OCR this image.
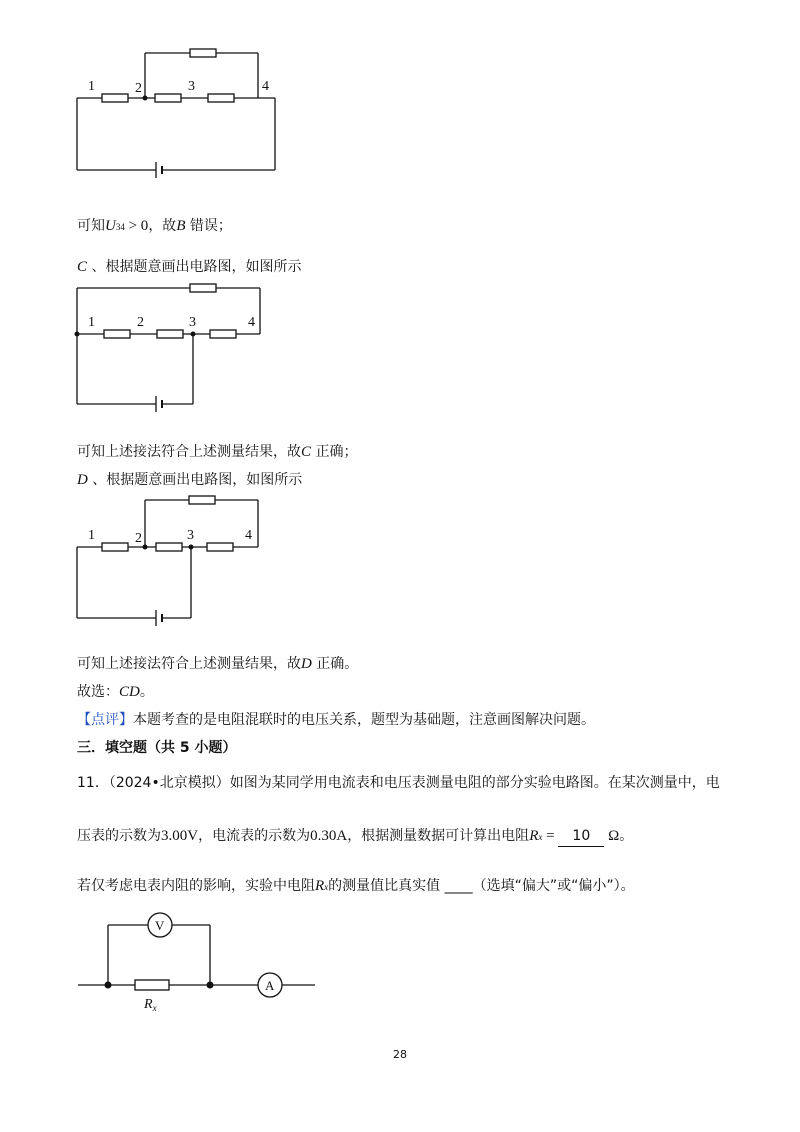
1	2	3	4
可知U34 > 0，故B 错误；
C 、根据题意画出电路图，如图所示
1	2	3	4
可知上述接法符合上述测量结果，故C 正确；
D 、根据题意画出电路图，如图所示
1	2	3	4
可知上述接法符合上述测量结果，故D 正确。
故选：CD。
【点评】本题考查的是电阻混联时的电压关系，题型为基础题，注意画图解决问题。
三．填空题（共 5 小题）
11．（2024•北京模拟）如图为某同学用电流表和电压表测量电阻的部分实验电路图。在某次测量中，电
压表的示数为3.00V，电流表的示数为0.30A，根据测量数据可计算出电阻Rx = 10 Ω。
若仅考虑电表内阻的影响，实验中电阻Rx的测量值比真实值 ____（选填“偏大”或“偏小”）。
V
A
$R_x$
28
